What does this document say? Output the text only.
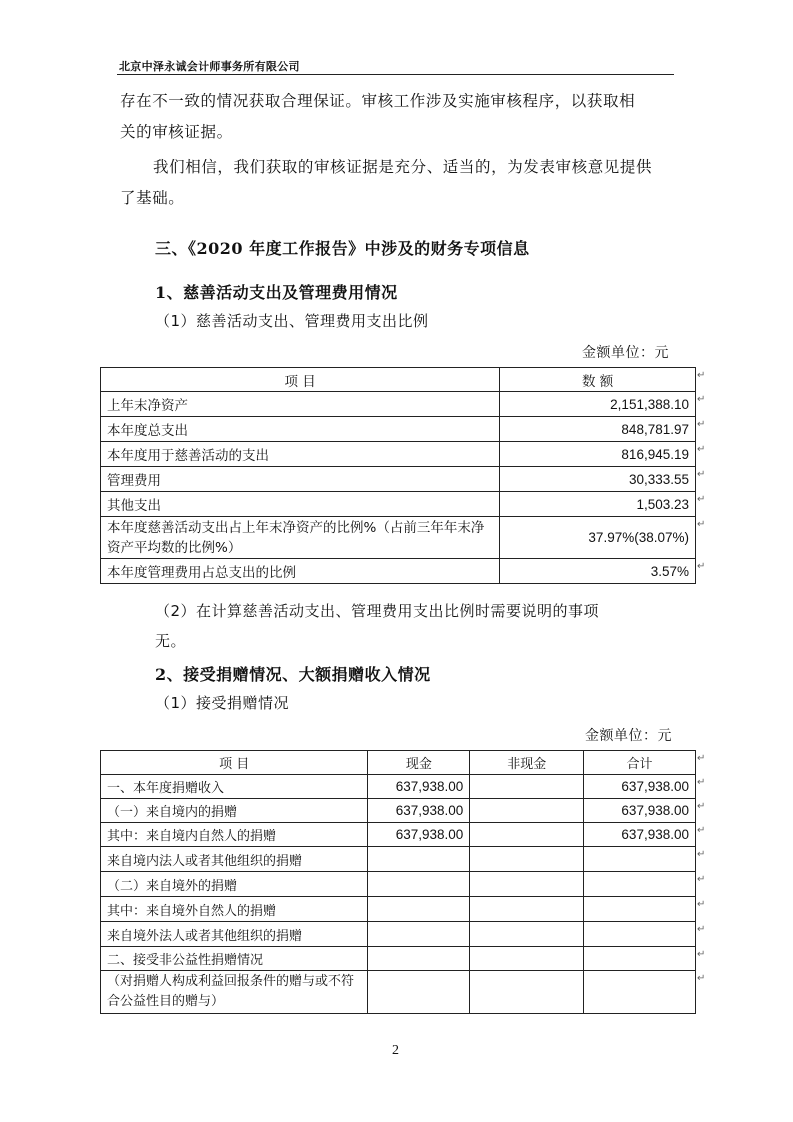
北京中泽永诚会计师事务所有限公司
存在不一致的情况获取合理保证。审核工作涉及实施审核程序，以获取相
关的审核证据。
我们相信，我们获取的审核证据是充分、适当的，为发表审核意见提供
了基础。
三、《2020 年度工作报告》中涉及的财务专项信息
1、慈善活动支出及管理费用情况
（1）慈善活动支出、管理费用支出比例
金额单位：元
项 目	数 额
上年末净资产	2,151,388.10
本年度总支出	848,781.97
本年度用于慈善活动的支出	816,945.19
管理费用	30,333.55
其他支出	1,503.23
本年度慈善活动支出占上年末净资产的比例%（占前三年年末净资产平均数的比例%）	37.97%(38.07%)
本年度管理费用占总支出的比例	3.57%
（2）在计算慈善活动支出、管理费用支出比例时需要说明的事项
无。
2、接受捐赠情况、大额捐赠收入情况
（1）接受捐赠情况
金额单位：元
项 目	现金	非现金	合计
一、本年度捐赠收入	637,938.00		637,938.00
（一）来自境内的捐赠	637,938.00		637,938.00
其中：来自境内自然人的捐赠	637,938.00		637,938.00
来自境内法人或者其他组织的捐赠			
（二）来自境外的捐赠			
其中：来自境外自然人的捐赠			
来自境外法人或者其他组织的捐赠			
二、接受非公益性捐赠情况			
（对捐赠人构成利益回报条件的赠与或不符合公益性目的赠与）			
↵
↵
↵
↵
↵
↵
↵
↵
↵
↵
↵
↵
↵
↵
↵
↵
↵
↵
2
